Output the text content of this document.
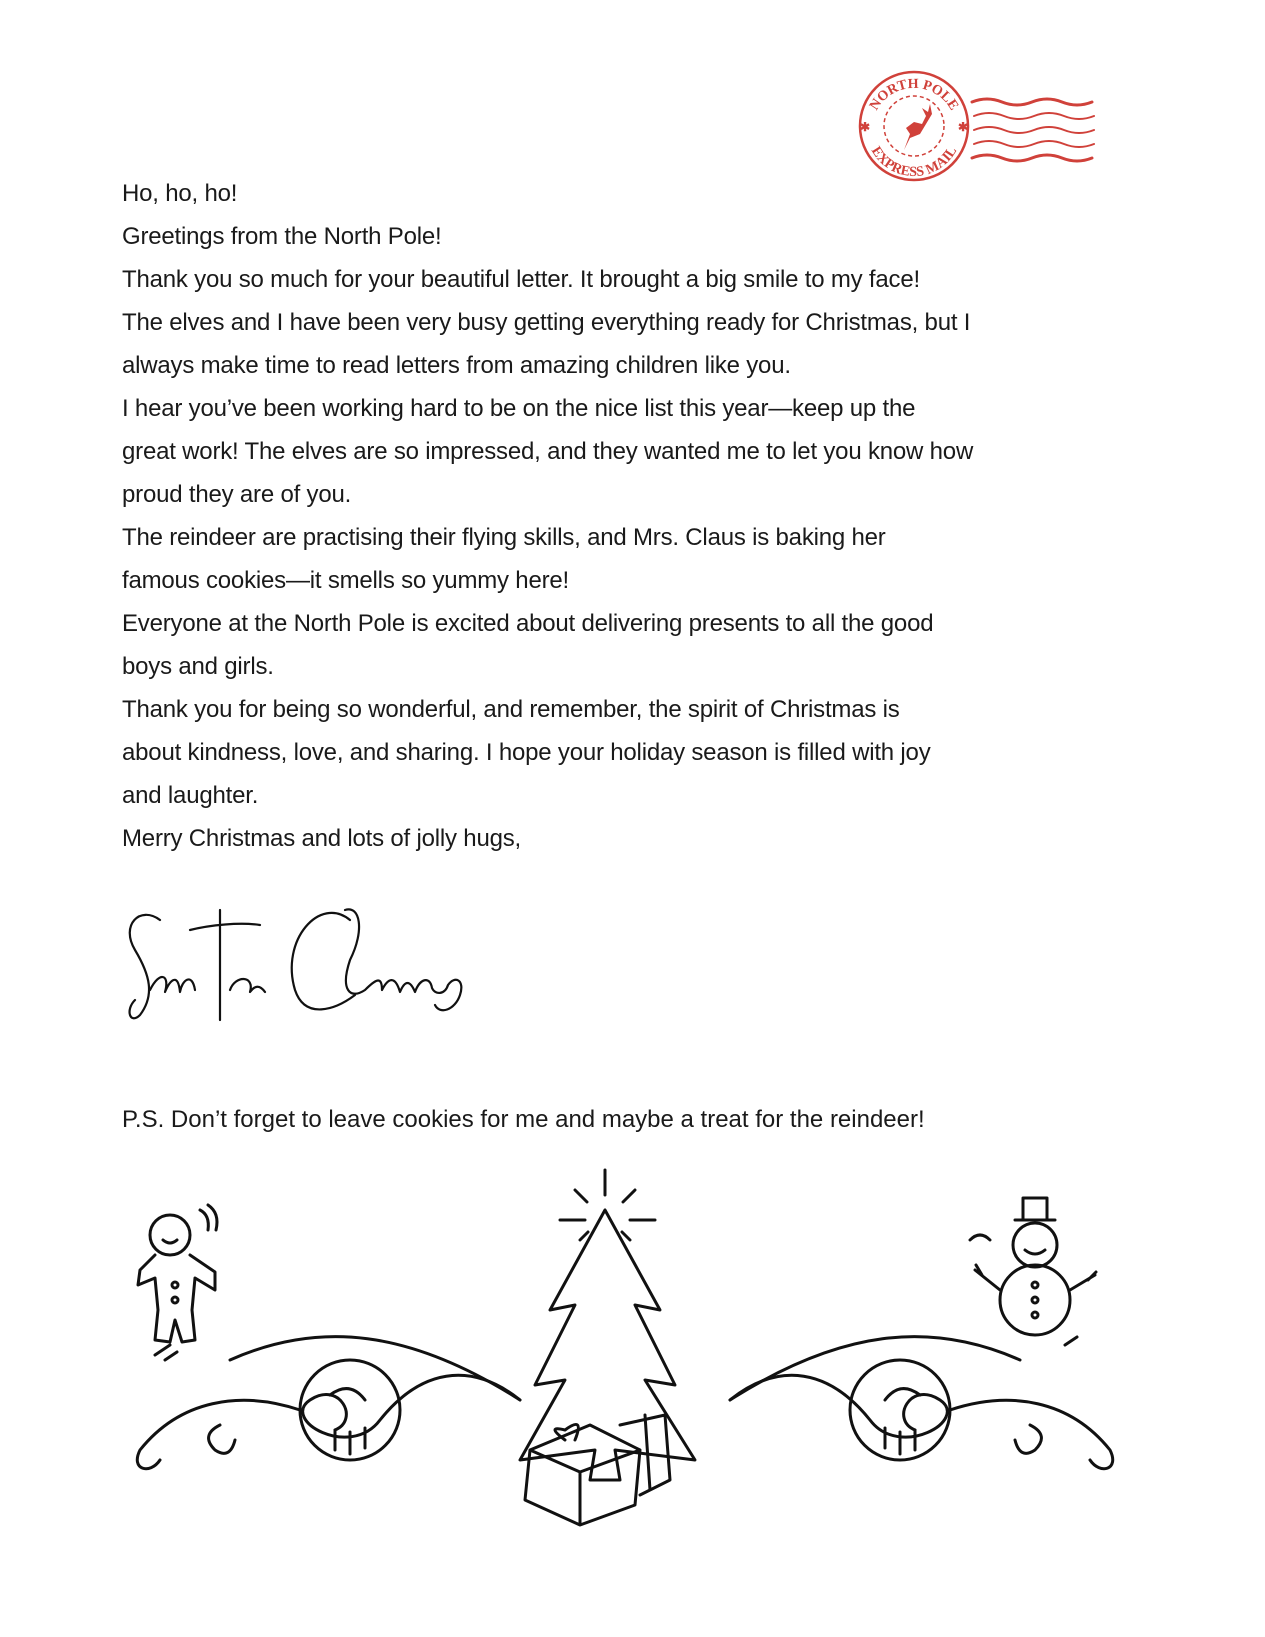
NORTH POLE
EXPRESS MAIL
✱	✱
Ho, ho, ho!
Greetings from the North Pole!
Thank you so much for your beautiful letter. It brought a big smile to my face!
The elves and I have been very busy getting everything ready for Christmas, but I
always make time to read letters from amazing children like you.
I hear you’ve been working hard to be on the nice list this year—keep up the
great work! The elves are so impressed, and they wanted me to let you know how
proud they are of you.
The reindeer are practising their flying skills, and Mrs. Claus is baking her
famous cookies—it smells so yummy here!
Everyone at the North Pole is excited about delivering presents to all the good
boys and girls.
Thank you for being so wonderful, and remember, the spirit of Christmas is
about kindness, love, and sharing. I hope your holiday season is filled with joy
and laughter.
Merry Christmas and lots of jolly hugs,
P.S. Don’t forget to leave cookies for me and maybe a treat for the reindeer!
